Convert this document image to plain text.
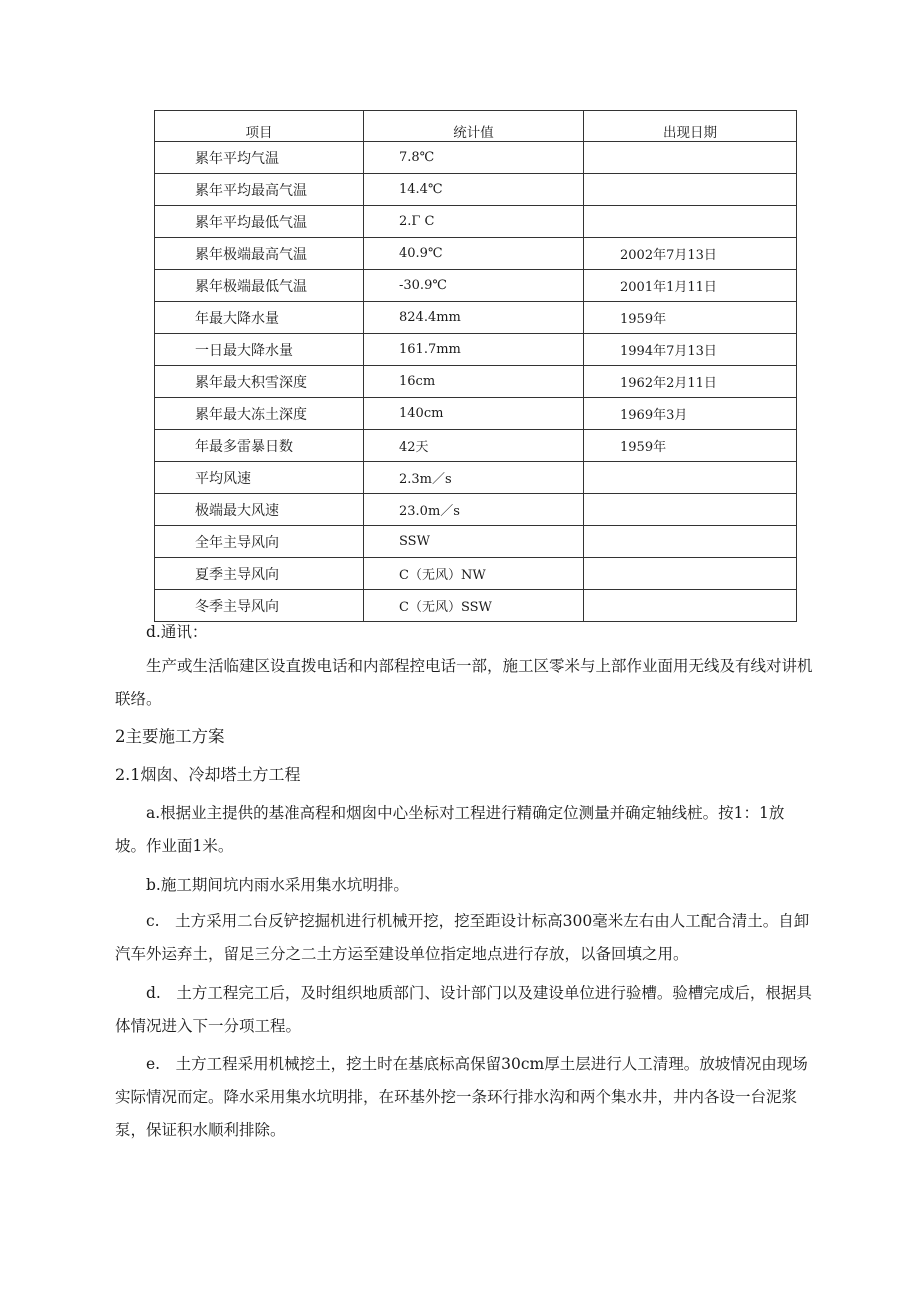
项目	统计值	出现日期
累年平均气温	7.8℃	
累年平均最高气温	14.4℃	
累年平均最低气温	2.Γ C	
累年极端最高气温	40.9℃	2002年7月13日
累年极端最低气温	-30.9℃	2001年1月11日
年最大降水量	824.4mm	1959年
一日最大降水量	161.7mm	1994年7月13日
累年最大积雪深度	16cm	1962年2月11日
累年最大冻土深度	140cm	1969年3月
年最多雷暴日数	42天	1959年
平均风速	2.3m／s	
极端最大风速	23.0m／s	
全年主导风向	SSW	
夏季主导风向	C（无风）NW	
冬季主导风向	C（无风）SSW	

d.通讯：

生产或生活临建区设直拨电话和内部程控电话一部，施工区零米与上部作业面用无线及有线对讲机联络。

2主要施工方案

2.1烟囱、冷却塔土方工程

a.根据业主提供的基准高程和烟囱中心坐标对工程进行精确定位测量并确定轴线桩。按1：1放坡。作业面1米。

b.施工期间坑内雨水采用集水坑明排。

c.　土方采用二台反铲挖掘机进行机械开挖，挖至距设计标高300毫米左右由人工配合清土。自卸汽车外运弃土，留足三分之二土方运至建设单位指定地点进行存放，以备回填之用。

d.　土方工程完工后，及时组织地质部门、设计部门以及建设单位进行验槽。验槽完成后，根据具体情况进入下一分项工程。

e.　土方工程采用机械挖土，挖土时在基底标高保留30cm厚土层进行人工清理。放坡情况由现场实际情况而定。降水采用集水坑明排，在环基外挖一条环行排水沟和两个集水井，井内各设一台泥浆泵，保证积水顺利排除。
